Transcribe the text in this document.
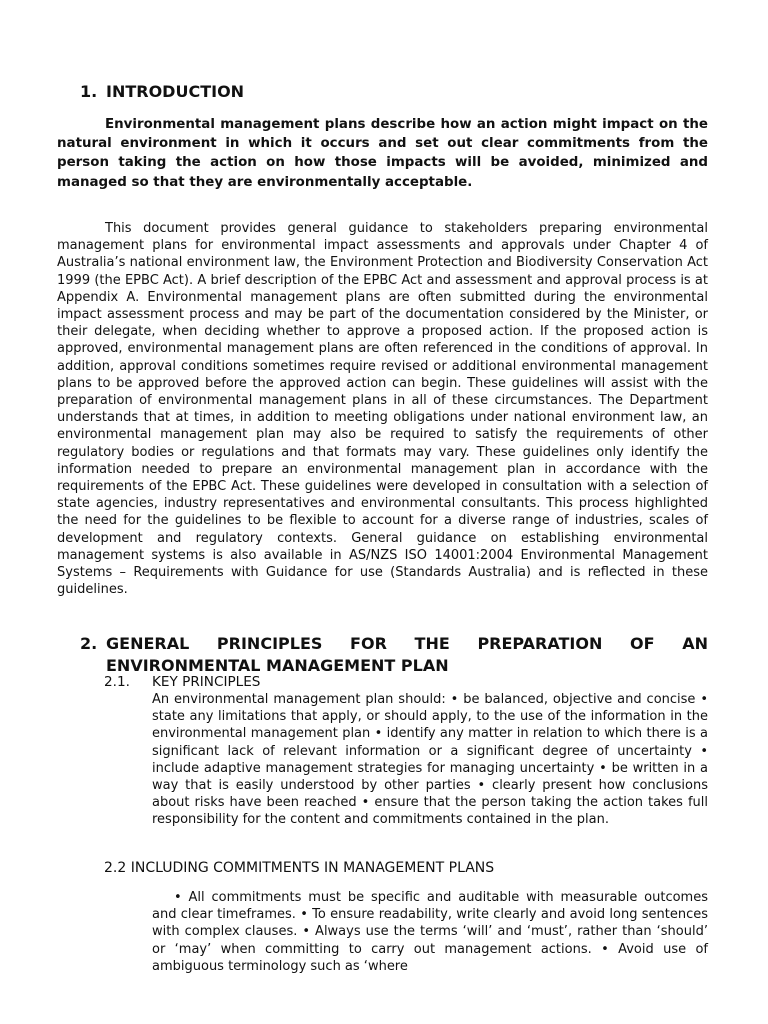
1. INTRODUCTION

Environmental management plans describe how an action might impact on the natural environment in which it occurs and set out clear commitments from the person taking the action on how those impacts will be avoided, minimized and managed so that they are environmentally acceptable.

This document provides general guidance to stakeholders preparing environmental management plans for environmental impact assessments and approvals under Chapter 4 of Australia’s national environment law, the Environment Protection and Biodiversity Conservation Act 1999 (the EPBC Act). A brief description of the EPBC Act and assessment and approval process is at Appendix A. Environmental management plans are often submitted during the environmental impact assessment process and may be part of the documentation considered by the Minister, or their delegate, when deciding whether to approve a proposed action. If the proposed action is approved, environmental management plans are often referenced in the conditions of approval. In addition, approval conditions sometimes require revised or additional environmental management plans to be approved before the approved action can begin. These guidelines will assist with the preparation of environmental management plans in all of these circumstances. The Department understands that at times, in addition to meeting obligations under national environment law, an environmental management plan may also be required to satisfy the requirements of other regulatory bodies or regulations and that formats may vary. These guidelines only identify the information needed to prepare an environmental management plan in accordance with the requirements of the EPBC Act. These guidelines were developed in consultation with a selection of state agencies, industry representatives and environmental consultants. This process highlighted the need for the guidelines to be flexible to account for a diverse range of industries, scales of development and regulatory contexts. General guidance on establishing environmental management systems is also available in AS/NZS ISO 14001:2004 Environmental Management Systems – Requirements with Guidance for use (Standards Australia) and is reflected in these guidelines.

2. GENERAL PRINCIPLES FOR THE PREPARATION OF AN ENVIRONMENTAL MANAGEMENT PLAN
2.1. KEY PRINCIPLES

An environmental management plan should: • be balanced, objective and concise • state any limitations that apply, or should apply, to the use of the information in the environmental management plan • identify any matter in relation to which there is a significant lack of relevant information or a significant degree of uncertainty • include adaptive management strategies for managing uncertainty • be written in a way that is easily understood by other parties • clearly present how conclusions about risks have been reached • ensure that the person taking the action takes full responsibility for the content and commitments contained in the plan.

2.2 INCLUDING COMMITMENTS IN MANAGEMENT PLANS

• All commitments must be specific and auditable with measurable outcomes and clear timeframes. • To ensure readability, write clearly and avoid long sentences with complex clauses. • Always use the terms ‘will’ and ‘must’, rather than ‘should’ or ‘may’ when committing to carry out management actions. • Avoid use of ambiguous terminology such as ‘where
